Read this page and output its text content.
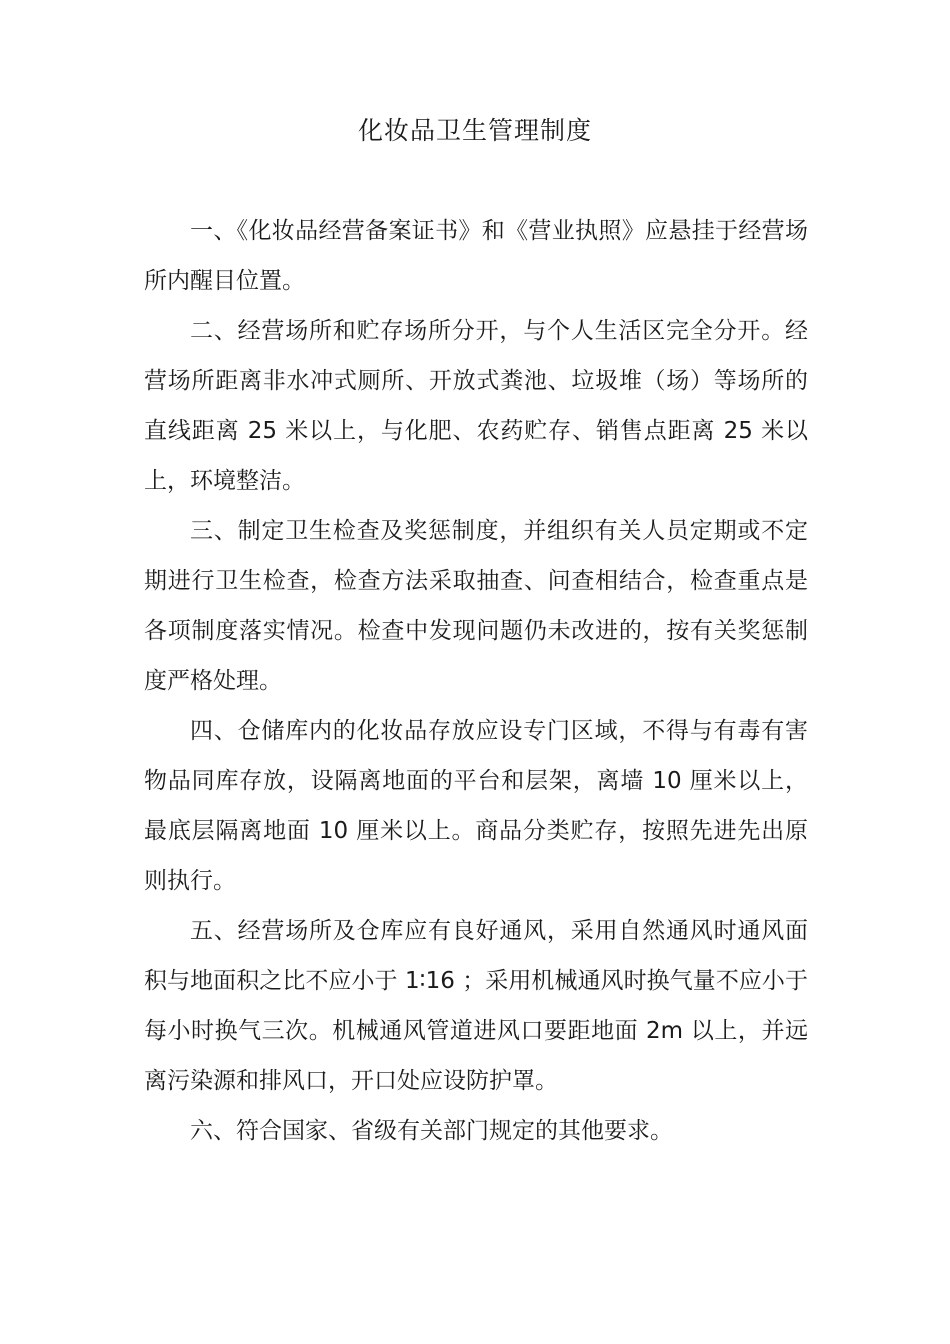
化妆品卫生管理制度

一、《化妆品经营备案证书》和《营业执照》应悬挂于经营场所内醒目位置。

二、经营场所和贮存场所分开，与个人生活区完全分开。经营场所距离非水冲式厕所、开放式粪池、垃圾堆（场）等场所的直线距离 25 米以上，与化肥、农药贮存、销售点距离 25 米以上，环境整洁。

三、制定卫生检查及奖惩制度，并组织有关人员定期或不定期进行卫生检查，检查方法采取抽查、问查相结合，检查重点是各项制度落实情况。检查中发现问题仍未改进的，按有关奖惩制度严格处理。

四、仓储库内的化妆品存放应设专门区域，不得与有毒有害物品同库存放，设隔离地面的平台和层架，离墙 10 厘米以上，最底层隔离地面 10 厘米以上。商品分类贮存，按照先进先出原则执行。

五、经营场所及仓库应有良好通风，采用自然通风时通风面积与地面积之比不应小于 1∶16 ；采用机械通风时换气量不应小于每小时换气三次。机械通风管道进风口要距地面 2m 以上，并远离污染源和排风口，开口处应设防护罩。

六、符合国家、省级有关部门规定的其他要求。
